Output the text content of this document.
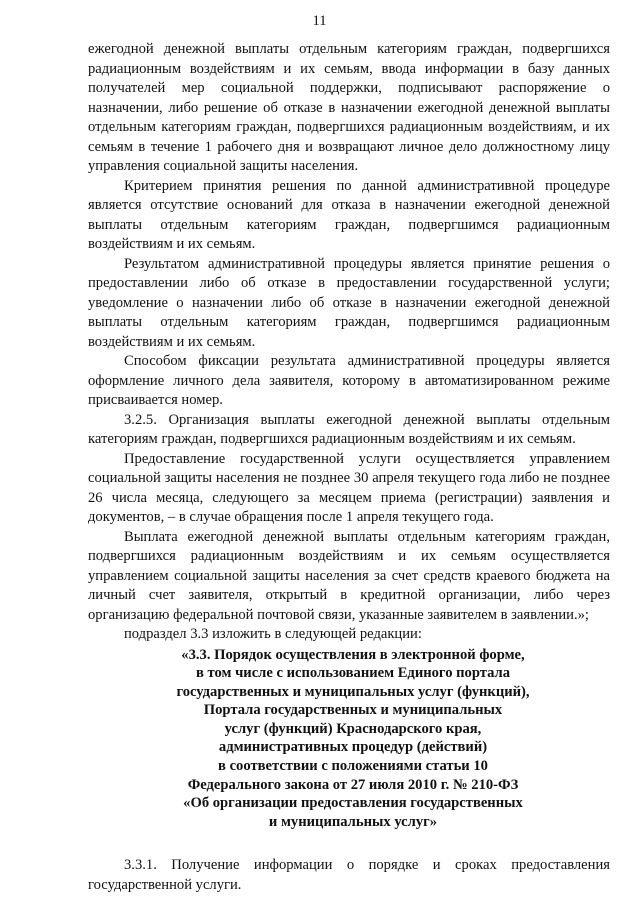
11

ежегодной денежной выплаты отдельным категориям граждан, подвергшихся радиационным воздействиям и их семьям, ввода информации в базу данных получателей мер социальной поддержки, подписывают распоряжение о назначении, либо решение об отказе в назначении ежегодной денежной выплаты отдельным категориям граждан, подвергшихся радиационным воздействиям, и их семьям в течение 1 рабочего дня и возвращают личное дело должностному лицу управления социальной защиты населения.

Критерием принятия решения по данной административной процедуре является отсутствие оснований для отказа в назначении ежегодной денежной выплаты отдельным категориям граждан, подвергшимся радиационным воздействиям и их семьям.

Результатом административной процедуры является принятие решения о предоставлении либо об отказе в предоставлении государственной услуги; уведомление о назначении либо об отказе в назначении ежегодной денежной выплаты отдельным категориям граждан, подвергшимся радиационным воздействиям и их семьям.

Способом фиксации результата административной процедуры является оформление личного дела заявителя, которому в автоматизированном режиме присваивается номер.

3.2.5. Организация выплаты ежегодной денежной выплаты отдельным категориям граждан, подвергшихся радиационным воздействиям и их семьям.

Предоставление государственной услуги осуществляется управлением социальной защиты населения не позднее 30 апреля текущего года либо не позднее 26 числа месяца, следующего за месяцем приема (регистрации) заявления и документов, – в случае обращения после 1 апреля текущего года.

Выплата ежегодной денежной выплаты отдельным категориям граждан, подвергшихся радиационным воздействиям и их семьям осуществляется управлением социальной защиты населения за счет средств краевого бюджета на личный счет заявителя, открытый в кредитной организации, либо через организацию федеральной почтовой связи, указанные заявителем в заявлении.»;

подраздел 3.3 изложить в следующей редакции:

«3.3. Порядок осуществления в электронной форме,
в том числе с использованием Единого портала
государственных и муниципальных услуг (функций),
Портала государственных и муниципальных
услуг (функций) Краснодарского края,
административных процедур (действий)
в соответствии с положениями статьи 10
Федерального закона от 27 июля 2010 г. № 210-ФЗ
«Об организации предоставления государственных
и муниципальных услуг»

3.3.1. Получение информации о порядке и сроках предоставления государственной услуги.
